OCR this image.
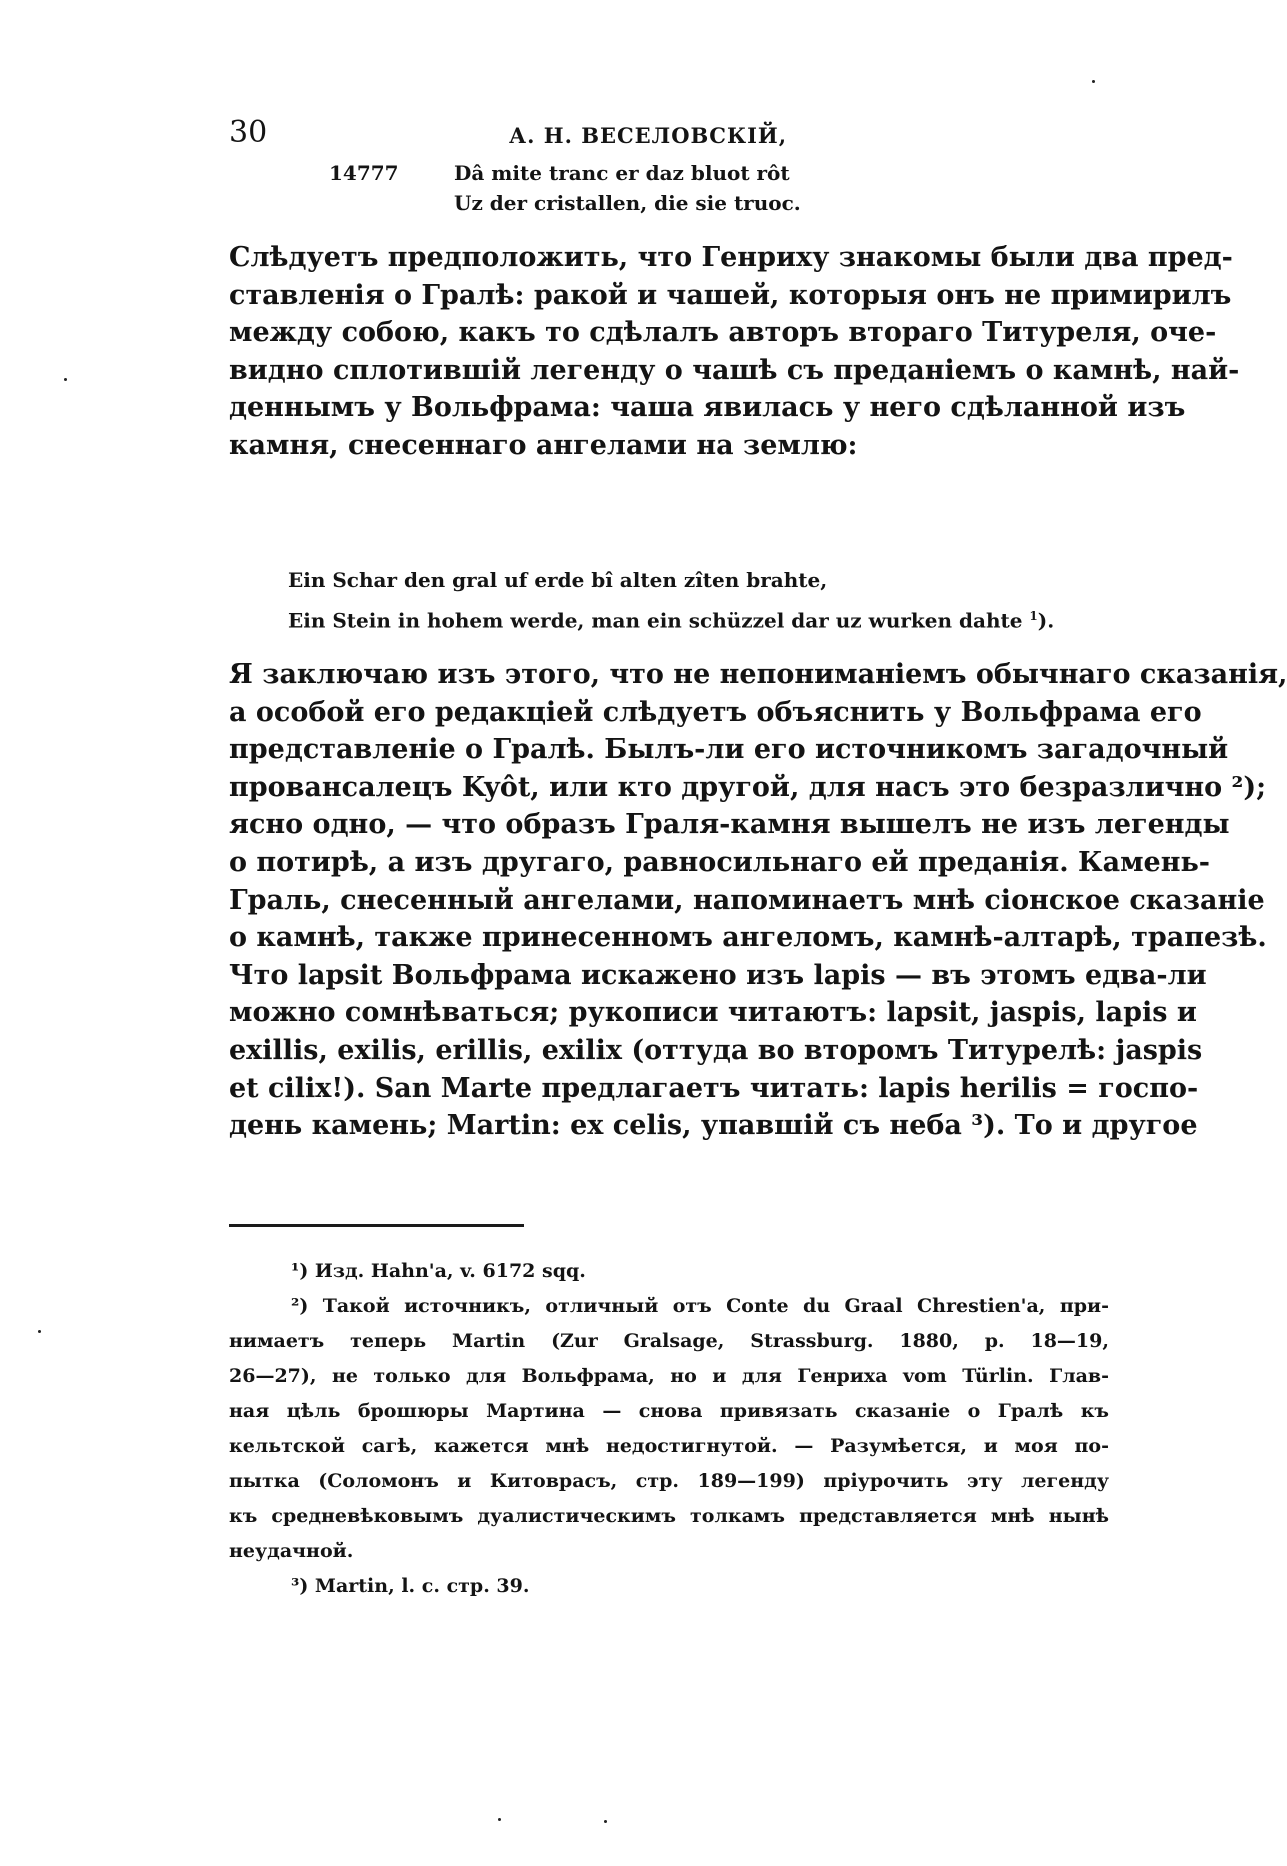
30	А. Н. ВЕСЕЛОВСКІЙ,
14777	Dâ mite tranc er daz bluot rôt
Uz der cristallen, die sie truoc.
Слѣдуетъ предположить, что Генриху знакомы были два пред-
ставленія о Гралѣ: ракой и чашей, которыя онъ не примирилъ
между собою, какъ то сдѣлалъ авторъ втораго Титуреля, оче-
видно сплотившій легенду о чашѣ съ преданіемъ о камнѣ, най-
деннымъ у Вольфрама: чаша явилась у него сдѣланной изъ
камня, снесеннаго ангелами на землю:
Ein Schar den gral uf erde bî alten zîten brahte,
Ein Stein in hohem werde, man ein schüzzel dar uz wurken dahte $^1$).
Я заключаю изъ этого, что не непониманіемъ обычнаго сказанія,
а особой его редакціей слѣдуетъ объяснить у Вольфрама его
представленіе о Гралѣ. Былъ-ли его источникомъ загадочный
провансалецъ Kyôt, или кто другой, для насъ это безразлично ²);
ясно одно, — что образъ Граля-камня вышелъ не изъ легенды
о потирѣ, а изъ другаго, равносильнаго ей преданія. Камень-
Граль, снесенный ангелами, напоминаетъ мнѣ сіонское сказаніе
о камнѣ, также принесенномъ ангеломъ, камнѣ-алтарѣ, трапезѣ.
Что lapsit Вольфрама искажено изъ lapis — въ этомъ едва-ли
можно сомнѣваться; рукописи читаютъ: lapsit, jaspis, lapis и
exillis, exilis, erillis, exilix (оттуда во второмъ Титурелѣ: jaspis
et cilix!). San Marte предлагаетъ читать: lapis herilis = госпо-
день камень; Martin: ex celis, упавшій съ неба ³). То и другое
¹) Изд. Hahn'a, v. 6172 sqq.
²) Такой источникъ, отличный отъ Conte du Graal Chrestien'a, при-
нимаетъ теперь Martin (Zur Gralsage, Strassburg. 1880, p. 18—19,
26—27), не только для Вольфрама, но и для Генриха vom Türlin. Глав-
ная цѣль брошюры Мартина — снова привязать сказаніе о Гралѣ къ
кельтской сагѣ, кажется мнѣ недостигнутой. — Разумѣется, и моя по-
пытка (Соломонъ и Китоврасъ, стр. 189—199) пріурочить эту легенду
къ средневѣковымъ дуалистическимъ толкамъ представляется мнѣ нынѣ
неудачной.
³) Martin, l. c. стр. 39.
